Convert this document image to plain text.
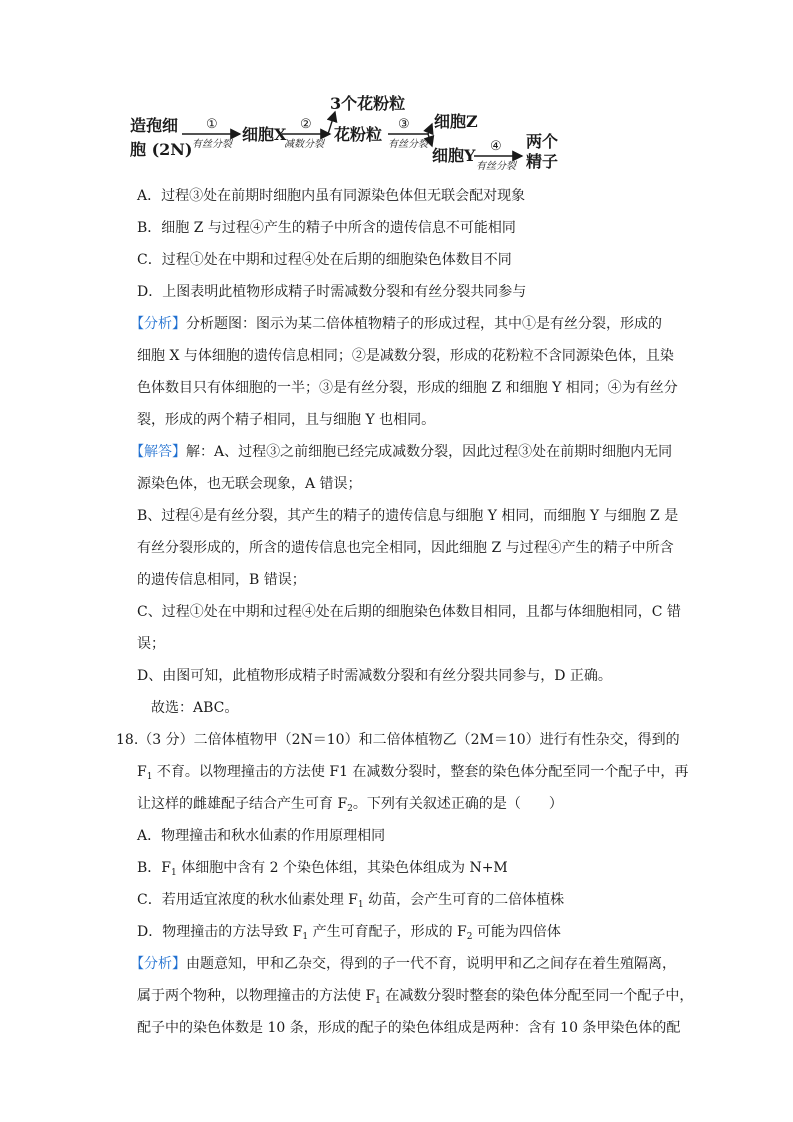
造孢细
胞 (2N)
①
有丝分裂
细胞X
②
减数分裂
3个花粉粒
花粉粒
③
有丝分裂
细胞Z
细胞Y ④
有丝分裂
两个
精子
A．过程③处在前期时细胞内虽有同源染色体但无联会配对现象
B．细胞 Z 与过程④产生的精子中所含的遗传信息不可能相同
C．过程①处在中期和过程④处在后期的细胞染色体数目不同
D．上图表明此植物形成精子时需减数分裂和有丝分裂共同参与
【分析】分析题图：图示为某二倍体植物精子的形成过程，其中①是有丝分裂，形成的
细胞 X 与体细胞的遗传信息相同；②是减数分裂，形成的花粉粒不含同源染色体，且染
色体数目只有体细胞的一半；③是有丝分裂，形成的细胞 Z 和细胞 Y 相同；④为有丝分
裂，形成的两个精子相同，且与细胞 Y 也相同。
【解答】解：A、过程③之前细胞已经完成减数分裂，因此过程③处在前期时细胞内无同
源染色体，也无联会现象，A 错误；
B、过程④是有丝分裂，其产生的精子的遗传信息与细胞 Y 相同，而细胞 Y 与细胞 Z 是
有丝分裂形成的，所含的遗传信息也完全相同，因此细胞 Z 与过程④产生的精子中所含
的遗传信息相同，B 错误；
C、过程①处在中期和过程④处在后期的细胞染色体数目相同，且都与体细胞相同，C 错
误；
D、由图可知，此植物形成精子时需减数分裂和有丝分裂共同参与，D 正确。
故选：ABC。
18.（3 分）二倍体植物甲（2N＝10）和二倍体植物乙（2M＝10）进行有性杂交，得到的
$F_1$ 不育。以物理撞击的方法使 F1 在减数分裂时，整套的染色体分配至同一个配子中，再
让这样的雌雄配子结合产生可育 $F_2$。下列有关叙述正确的是（　　）
A．物理撞击和秋水仙素的作用原理相同
B．$F_1$ 体细胞中含有 2 个染色体组，其染色体组成为 N+M
C．若用适宜浓度的秋水仙素处理 $F_1$ 幼苗，会产生可育的二倍体植株
D．物理撞击的方法导致 $F_1$ 产生可育配子，形成的 $F_2$ 可能为四倍体
【分析】由题意知，甲和乙杂交，得到的子一代不育，说明甲和乙之间存在着生殖隔离，
属于两个物种，以物理撞击的方法使 $F_1$ 在减数分裂时整套的染色体分配至同一个配子中，
配子中的染色体数是 10 条，形成的配子的染色体组成是两种：含有 10 条甲染色体的配
